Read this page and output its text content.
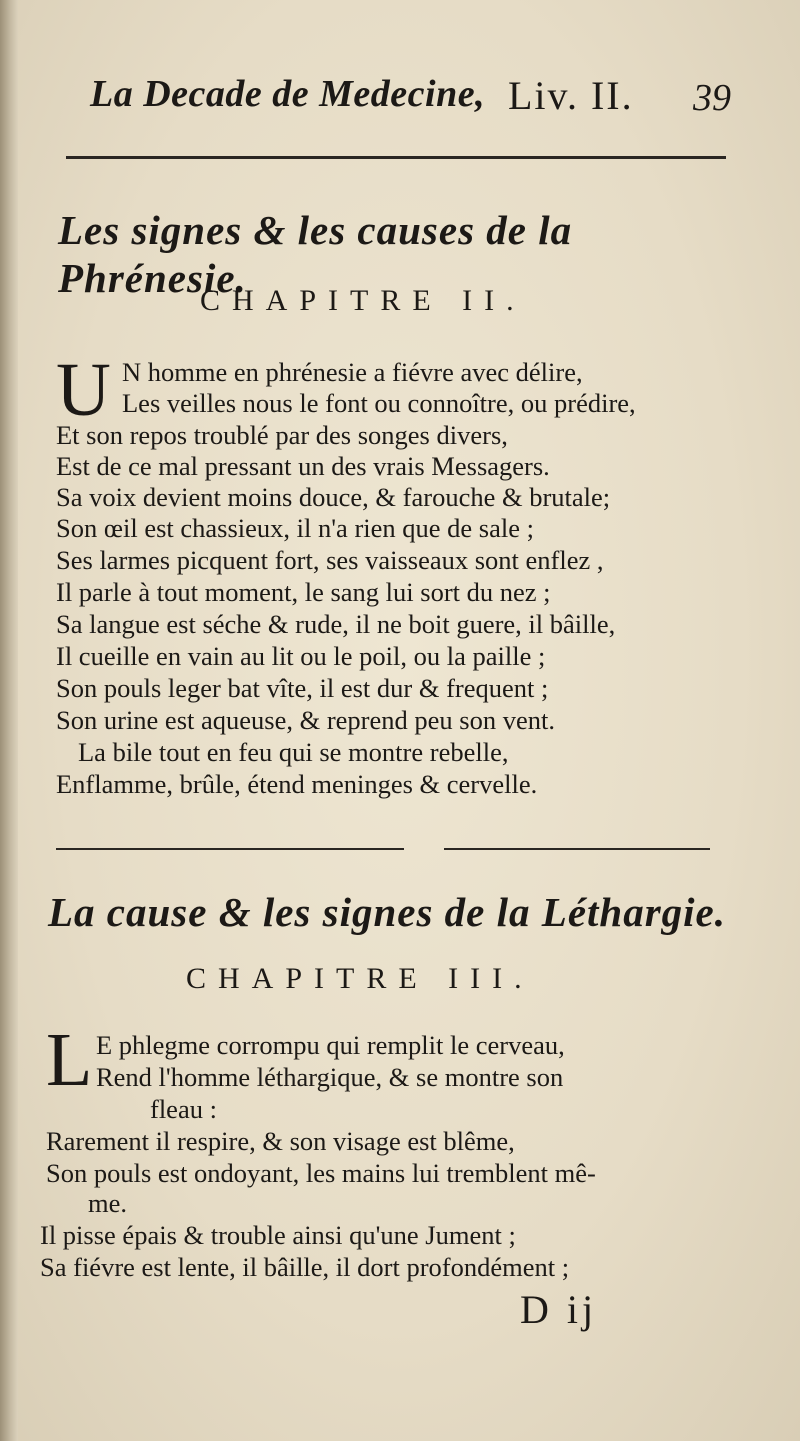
La Decade de Medecine, Liv. II. 39
Les signes & les causes de la Phrénesie.
CHAPITRE II.
U N homme en phrénesie a fiévre avec délire,
Les veilles nous le font ou connoître, ou prédire,
Et son repos troublé par des songes divers,
Est de ce mal pressant un des vrais Messagers.
Sa voix devient moins douce, & farouche & brutale;
Son œil est chassieux, il n'a rien que de sale ;
Ses larmes picquent fort, ses vaisseaux sont enflez ,
Il parle à tout moment, le sang lui sort du nez ;
Sa langue est séche & rude, il ne boit guere, il bâille,
Il cueille en vain au lit ou le poil, ou la paille ;
Son pouls leger bat vîte, il est dur & frequent ;
Son urine est aqueuse, & reprend peu son vent.
La bile tout en feu qui se montre rebelle,
Enflamme, brûle, étend meninges & cervelle.
La cause & les signes de la Léthargie.
CHAPITRE III.
L E phlegme corrompu qui remplit le cerveau,
Rend l'homme léthargique, & se montre son
fleau :
Rarement il respire, & son visage est blême,
Son pouls est ondoyant, les mains lui tremblent mê-
me.
Il pisse épais & trouble ainsi qu'une Jument ;
Sa fiévre est lente, il bâille, il dort profondément ;
D ij
